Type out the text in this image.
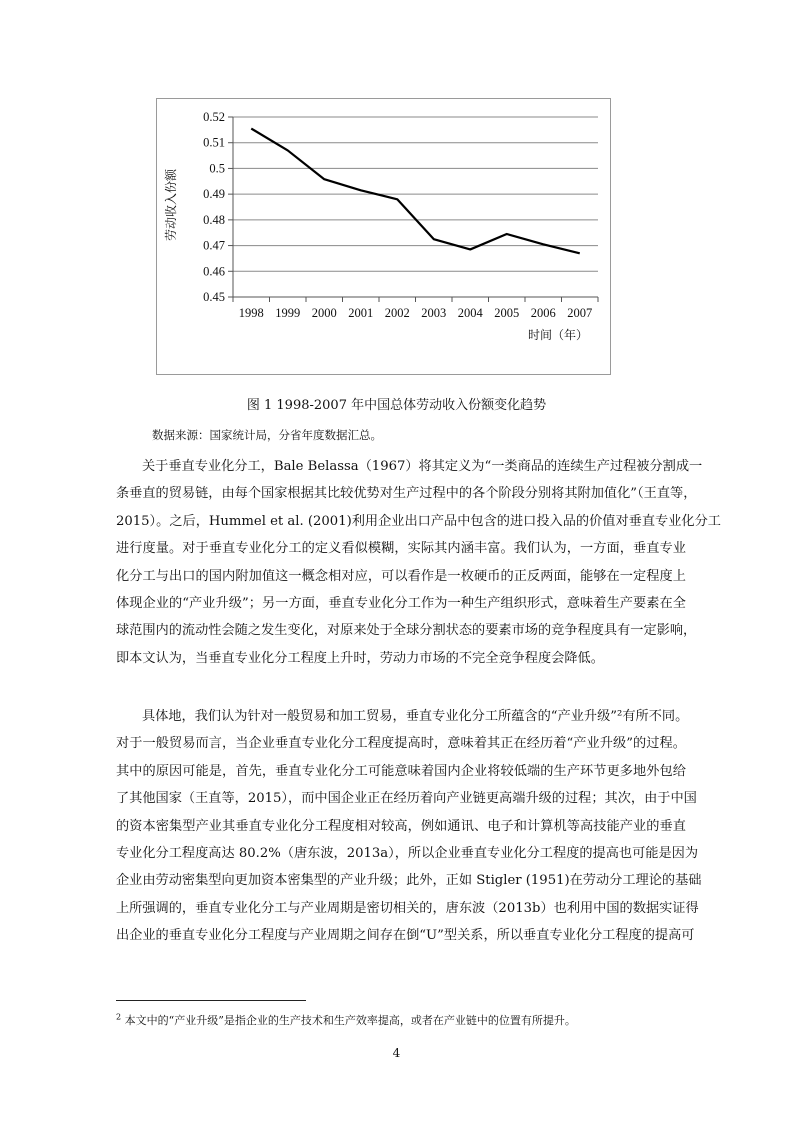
0.52
0.51
0.5
0.49
0.48
0.47
0.46
0.45
1998 1999 2000 2001 2002 2003 2004 2005 2006 2007
劳动收入份额
时间（年）
图 1 1998-2007 年中国总体劳动收入份额变化趋势
数据来源：国家统计局，分省年度数据汇总。
关于垂直专业化分工，Bale Belassa（1967）将其定义为“一类商品的连续生产过程被分割成一
条垂直的贸易链，由每个国家根据其比较优势对生产过程中的各个阶段分别将其附加值化”（王直等，
2015）。之后，Hummel et al. (2001)利用企业出口产品中包含的进口投入品的价值对垂直专业化分工
进行度量。对于垂直专业化分工的定义看似模糊，实际其内涵丰富。我们认为，一方面，垂直专业
化分工与出口的国内附加值这一概念相对应，可以看作是一枚硬币的正反两面，能够在一定程度上
体现企业的“产业升级”；另一方面，垂直专业化分工作为一种生产组织形式，意味着生产要素在全
球范围内的流动性会随之发生变化，对原来处于全球分割状态的要素市场的竞争程度具有一定影响，
即本文认为，当垂直专业化分工程度上升时，劳动力市场的不完全竞争程度会降低。
具体地，我们认为针对一般贸易和加工贸易，垂直专业化分工所蕴含的“产业升级”²有所不同。
对于一般贸易而言，当企业垂直专业化分工程度提高时，意味着其正在经历着“产业升级”的过程。
其中的原因可能是，首先，垂直专业化分工可能意味着国内企业将较低端的生产环节更多地外包给
了其他国家（王直等，2015），而中国企业正在经历着向产业链更高端升级的过程；其次，由于中国
的资本密集型产业其垂直专业化分工程度相对较高，例如通讯、电子和计算机等高技能产业的垂直
专业化分工程度高达 80.2%（唐东波，2013a），所以企业垂直专业化分工程度的提高也可能是因为
企业由劳动密集型向更加资本密集型的产业升级；此外，正如 Stigler (1951)在劳动分工理论的基础
上所强调的，垂直专业化分工与产业周期是密切相关的，唐东波（2013b）也利用中国的数据实证得
出企业的垂直专业化分工程度与产业周期之间存在倒“U”型关系，所以垂直专业化分工程度的提高可
$^2$ 本文中的“产业升级”是指企业的生产技术和生产效率提高，或者在产业链中的位置有所提升。
4
